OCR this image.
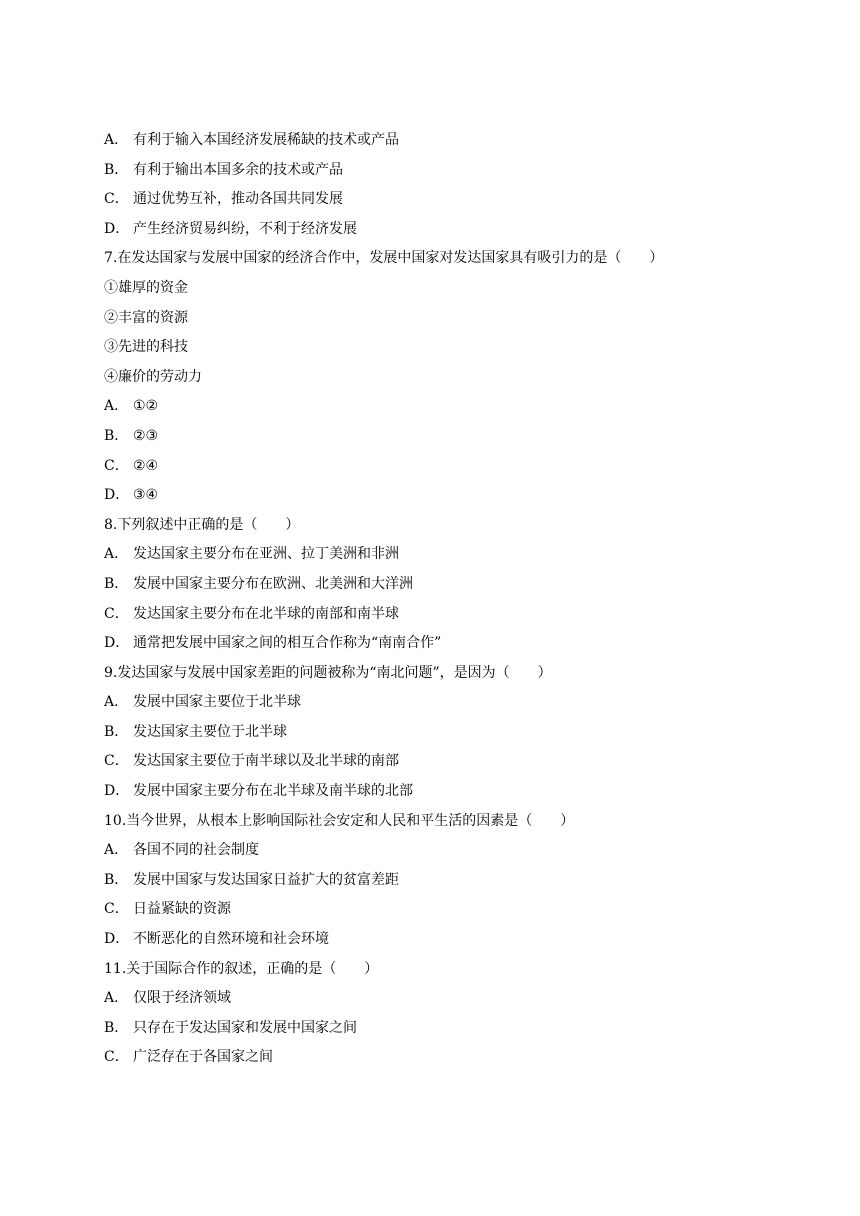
A． 有利于输入本国经济发展稀缺的技术或产品
B． 有利于输出本国多余的技术或产品
C． 通过优势互补，推动各国共同发展
D． 产生经济贸易纠纷，不利于经济发展
7.在发达国家与发展中国家的经济合作中，发展中国家对发达国家具有吸引力的是（　　）
①雄厚的资金
②丰富的资源
③先进的科技
④廉价的劳动力
A． ①②
B． ②③
C． ②④
D． ③④
8.下列叙述中正确的是（　　）
A． 发达国家主要分布在亚洲、拉丁美洲和非洲
B． 发展中国家主要分布在欧洲、北美洲和大洋洲
C． 发达国家主要分布在北半球的南部和南半球
D． 通常把发展中国家之间的相互合作称为“南南合作”
9.发达国家与发展中国家差距的问题被称为“南北问题”，是因为（　　）
A． 发展中国家主要位于北半球
B． 发达国家主要位于北半球
C． 发达国家主要位于南半球以及北半球的南部
D． 发展中国家主要分布在北半球及南半球的北部
10.当今世界，从根本上影响国际社会安定和人民和平生活的因素是（　　）
A． 各国不同的社会制度
B． 发展中国家与发达国家日益扩大的贫富差距
C． 日益紧缺的资源
D． 不断恶化的自然环境和社会环境
11.关于国际合作的叙述，正确的是（　　）
A． 仅限于经济领域
B． 只存在于发达国家和发展中国家之间
C． 广泛存在于各国家之间
